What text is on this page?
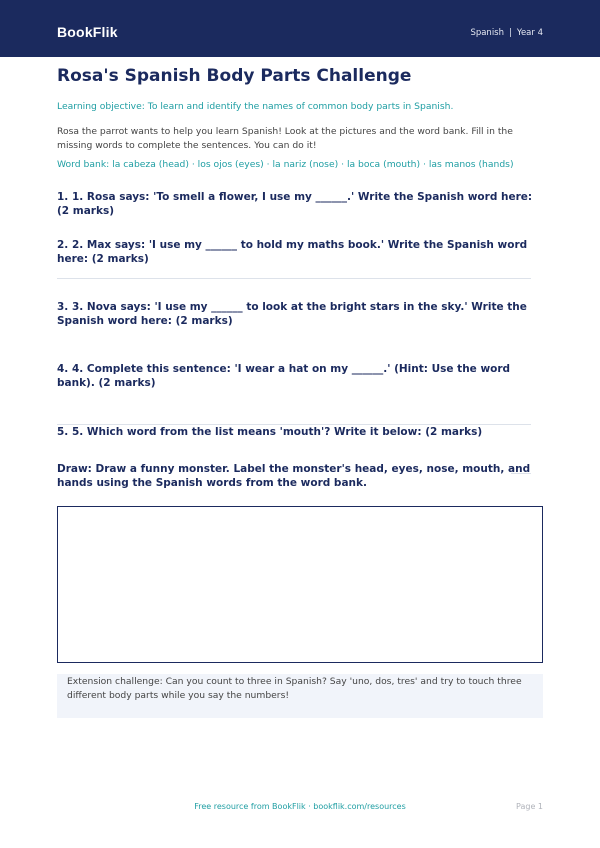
BookFlik	Spanish | Year 4
Rosa's Spanish Body Parts Challenge
Learning objective: To learn and identify the names of common body parts in Spanish.
Rosa the parrot wants to help you learn Spanish! Look at the pictures and the word bank. Fill in the missing words to complete the sentences. You can do it!
Word bank: la cabeza (head) · los ojos (eyes) · la nariz (nose) · la boca (mouth) · las manos (hands)
1. 1. Rosa says: 'To smell a flower, I use my ______.' Write the Spanish word here: (2 marks)
2. 2. Max says: 'I use my ______ to hold my maths book.' Write the Spanish word here: (2 marks)
3. 3. Nova says: 'I use my ______ to look at the bright stars in the sky.' Write the Spanish word here: (2 marks)
4. 4. Complete this sentence: 'I wear a hat on my ______.' (Hint: Use the word bank). (2 marks)
5. 5. Which word from the list means 'mouth'? Write it below: (2 marks)
Draw: Draw a funny monster. Label the monster's head, eyes, nose, mouth, and hands using the Spanish words from the word bank.
Extension challenge: Can you count to three in Spanish? Say 'uno, dos, tres' and try to touch three different body parts while you say the numbers!
Free resource from BookFlik · bookflik.com/resources	Page 1
